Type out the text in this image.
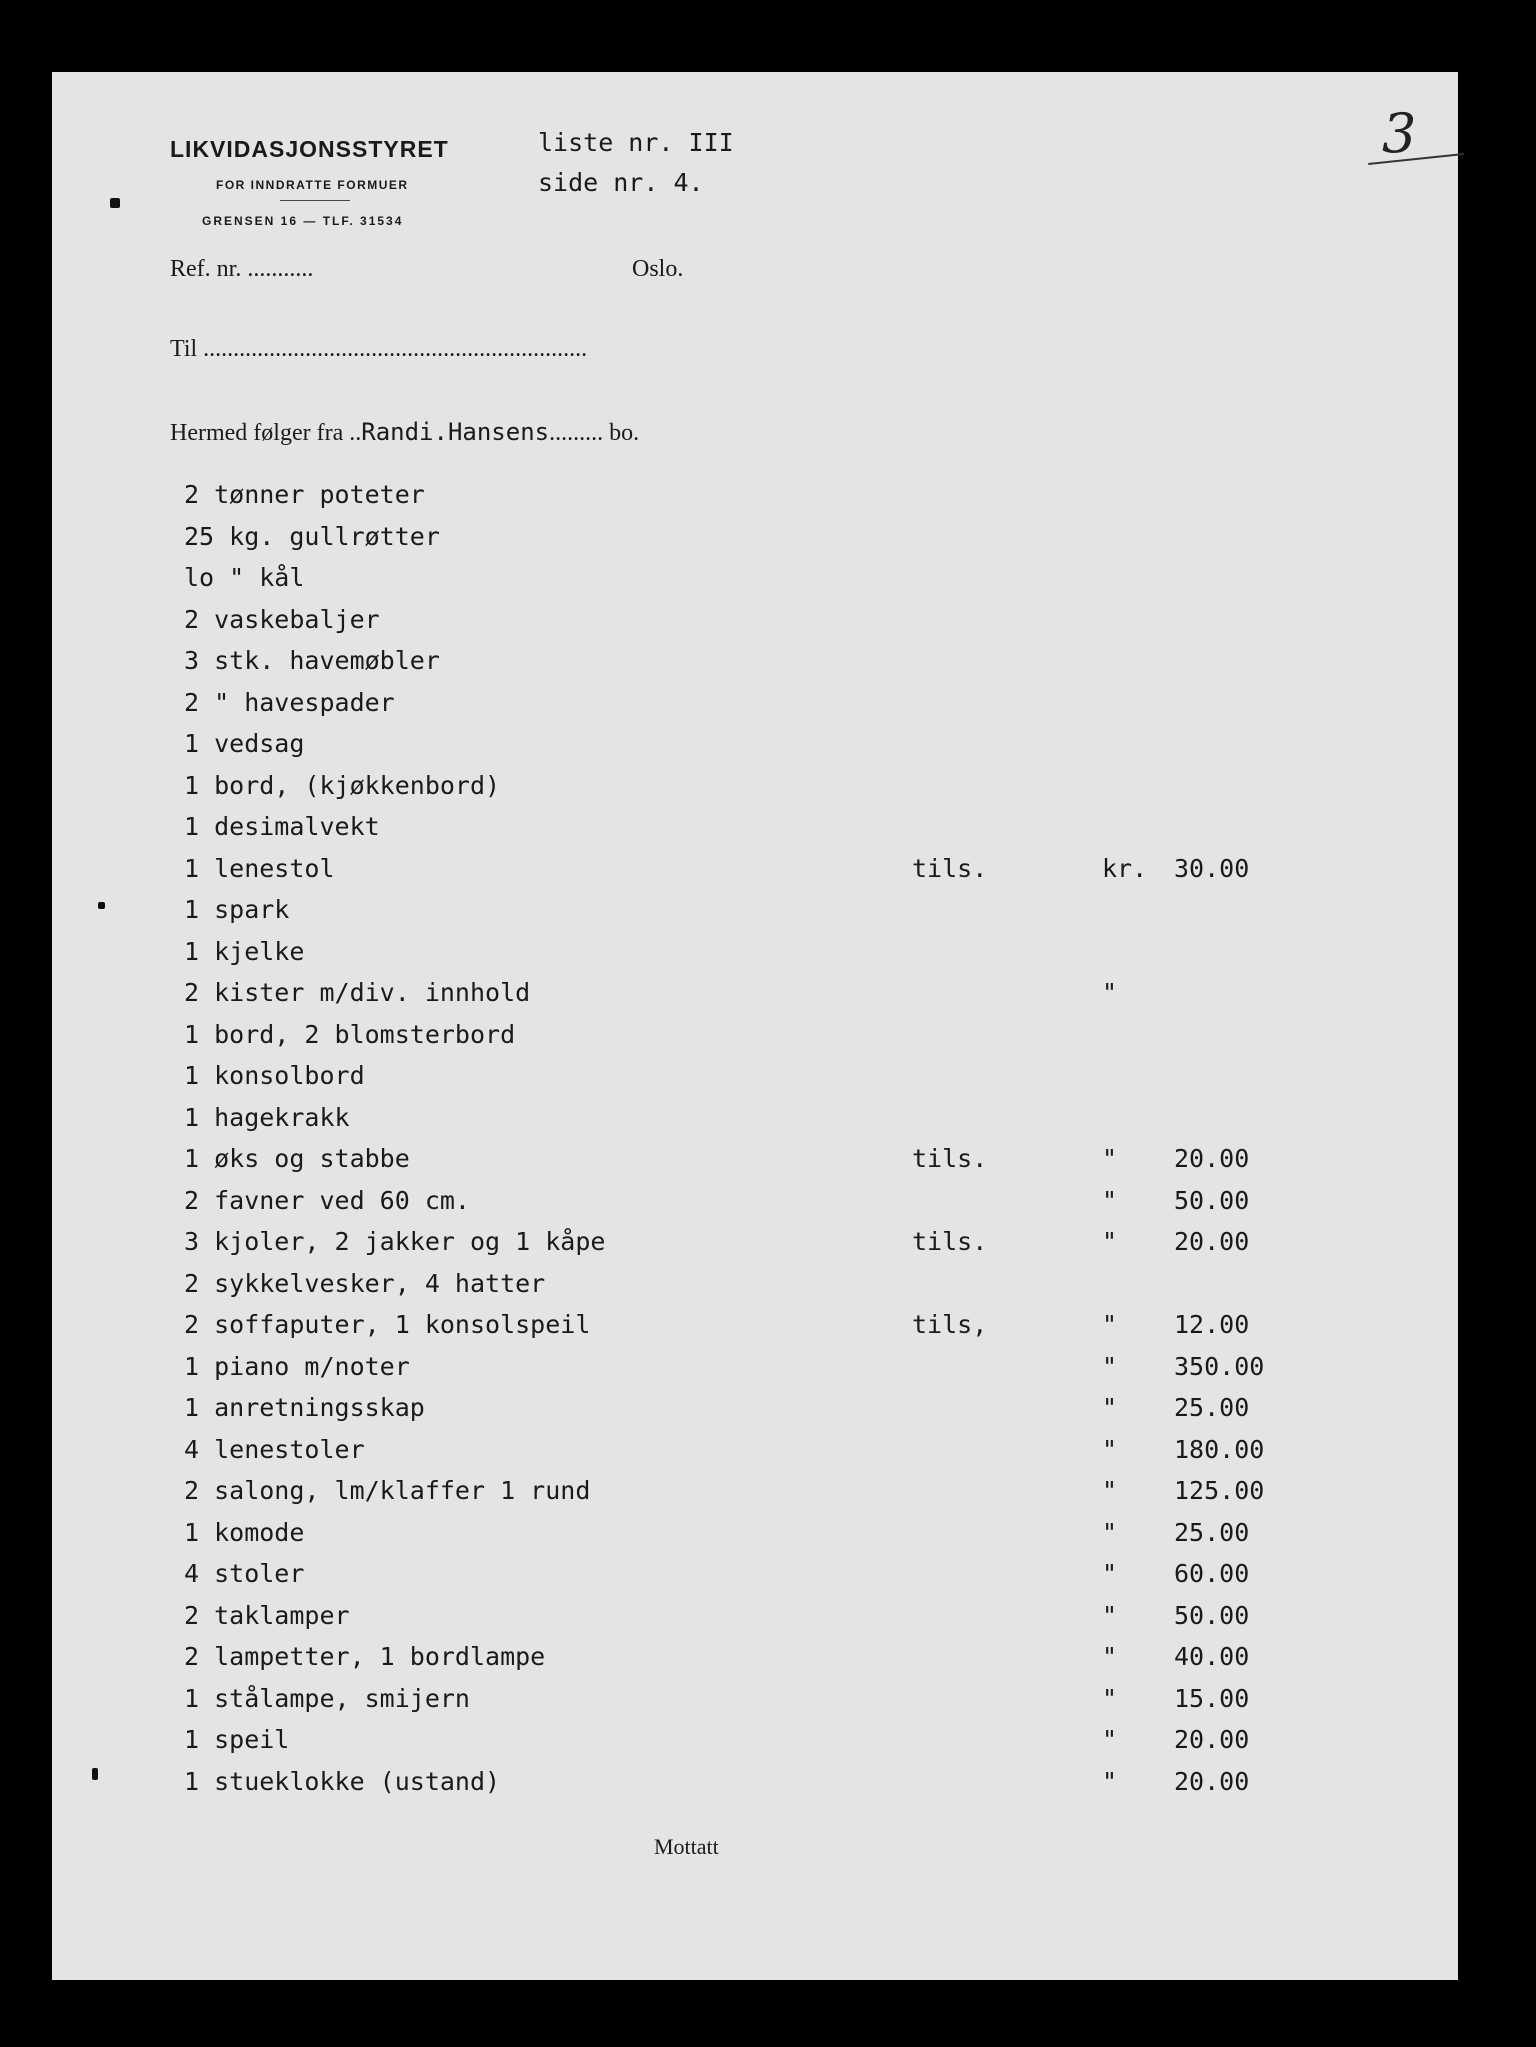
LIKVIDASJONSSTYRET
FOR INNDRATTE FORMUER
GRENSEN 16 — TLF. 31534
liste nr. III
side nr. 4.
3
Ref. nr. ...........	Oslo.
Til ................................................................
Hermed følger fra ..Randi.Hansens......... bo.
2 tønner poteter
25 kg. gullrøtter
lo " kål
2 vaskebaljer
3 stk. havemøbler
2 " havespader
1 vedsag
1 bord, (kjøkkenbord)
1 desimalvekt
1 lenestol	tils.	kr. 30.00
1 spark
1 kjelke
2 kister m/div. innhold	"
1 bord, 2 blomsterbord
1 konsolbord
1 hagekrakk
1 øks og stabbe	tils.	" 20.00
2 favner ved 60 cm.	" 50.00
3 kjoler, 2 jakker og 1 kåpe	tils.	" 20.00
2 sykkelvesker, 4 hatter
2 soffaputer, 1 konsolspeil	tils,	" 12.00
1 piano m/noter	" 350.00
1 anretningsskap	" 25.00
4 lenestoler	" 180.00
2 salong, lm/klaffer 1 rund	" 125.00
1 komode	" 25.00
4 stoler	" 60.00
2 taklamper	" 50.00
2 lampetter, 1 bordlampe	" 40.00
1 stålampe, smijern	" 15.00
1 speil	" 20.00
1 stueklokke (ustand)	" 20.00
Mottatt
